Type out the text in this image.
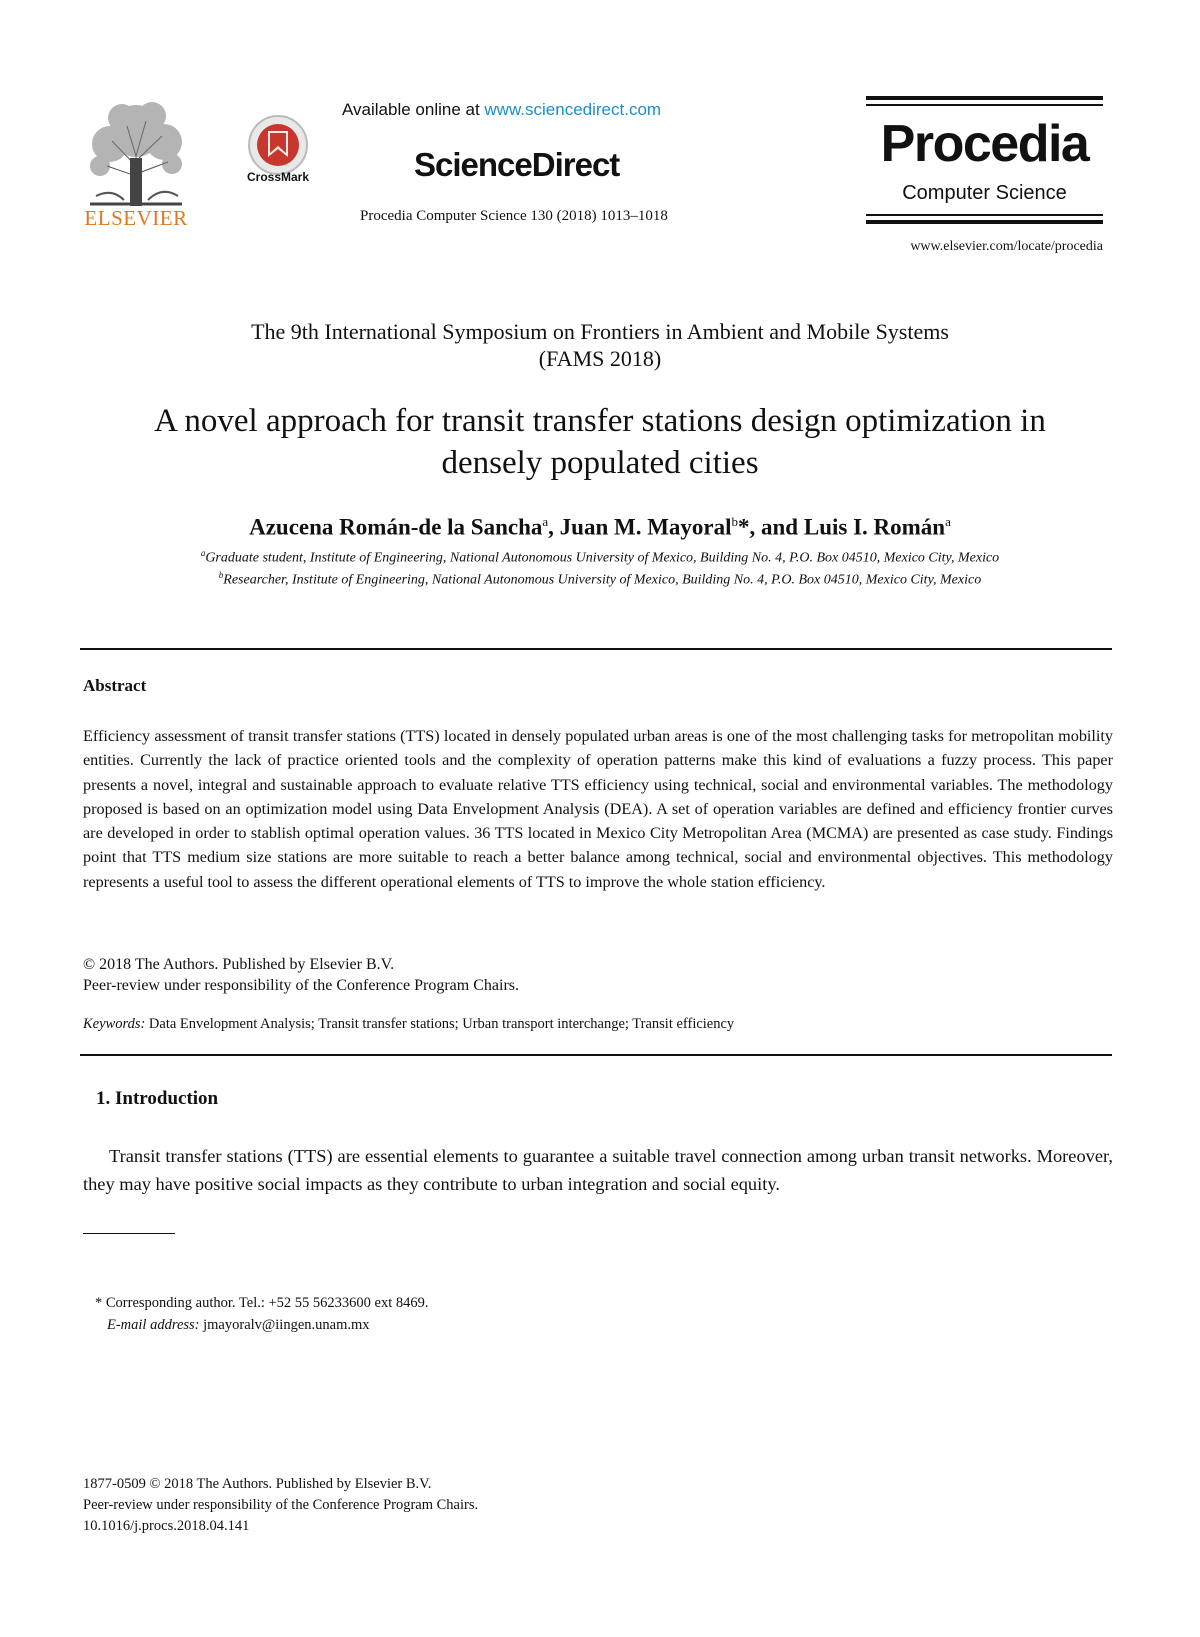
ELSEVIER
CrossMark
Available online at www.sciencedirect.com
ScienceDirect
Procedia Computer Science 130 (2018) 1013–1018
Procedia
Computer Science
www.elsevier.com/locate/procedia
The 9th International Symposium on Frontiers in Ambient and Mobile Systems
(FAMS 2018)
A novel approach for transit transfer stations design optimization in
densely populated cities
Azucena Román-de la Sancha$^a$, Juan M. Mayoral$^b$*, and Luis I. Román$^a$
$^a$Graduate student, Institute of Engineering, National Autonomous University of Mexico, Building No. 4, P.O. Box 04510, Mexico City, Mexico
$^b$Researcher, Institute of Engineering, National Autonomous University of Mexico, Building No. 4, P.O. Box 04510, Mexico City, Mexico
Abstract
Efficiency assessment of transit transfer stations (TTS) located in densely populated urban areas is one of the most challenging tasks for metropolitan mobility entities. Currently the lack of practice oriented tools and the complexity of operation patterns make this kind of evaluations a fuzzy process. This paper presents a novel, integral and sustainable approach to evaluate relative TTS efficiency using technical, social and environmental variables. The methodology proposed is based on an optimization model using Data Envelopment Analysis (DEA). A set of operation variables are defined and efficiency frontier curves are developed in order to stablish optimal operation values. 36 TTS located in Mexico City Metropolitan Area (MCMA) are presented as case study. Findings point that TTS medium size stations are more suitable to reach a better balance among technical, social and environmental objectives. This methodology represents a useful tool to assess the different operational elements of TTS to improve the whole station efficiency.
© 2018 The Authors. Published by Elsevier B.V.
Peer-review under responsibility of the Conference Program Chairs.
Keywords: Data Envelopment Analysis; Transit transfer stations; Urban transport interchange; Transit efficiency
1. Introduction
Transit transfer stations (TTS) are essential elements to guarantee a suitable travel connection among urban transit networks. Moreover, they may have positive social impacts as they contribute to urban integration and social equity.
* Corresponding author. Tel.: +52 55 56233600 ext 8469.
E-mail address: jmayoralv@iingen.unam.mx
1877-0509 © 2018 The Authors. Published by Elsevier B.V.
Peer-review under responsibility of the Conference Program Chairs.
10.1016/j.procs.2018.04.141
